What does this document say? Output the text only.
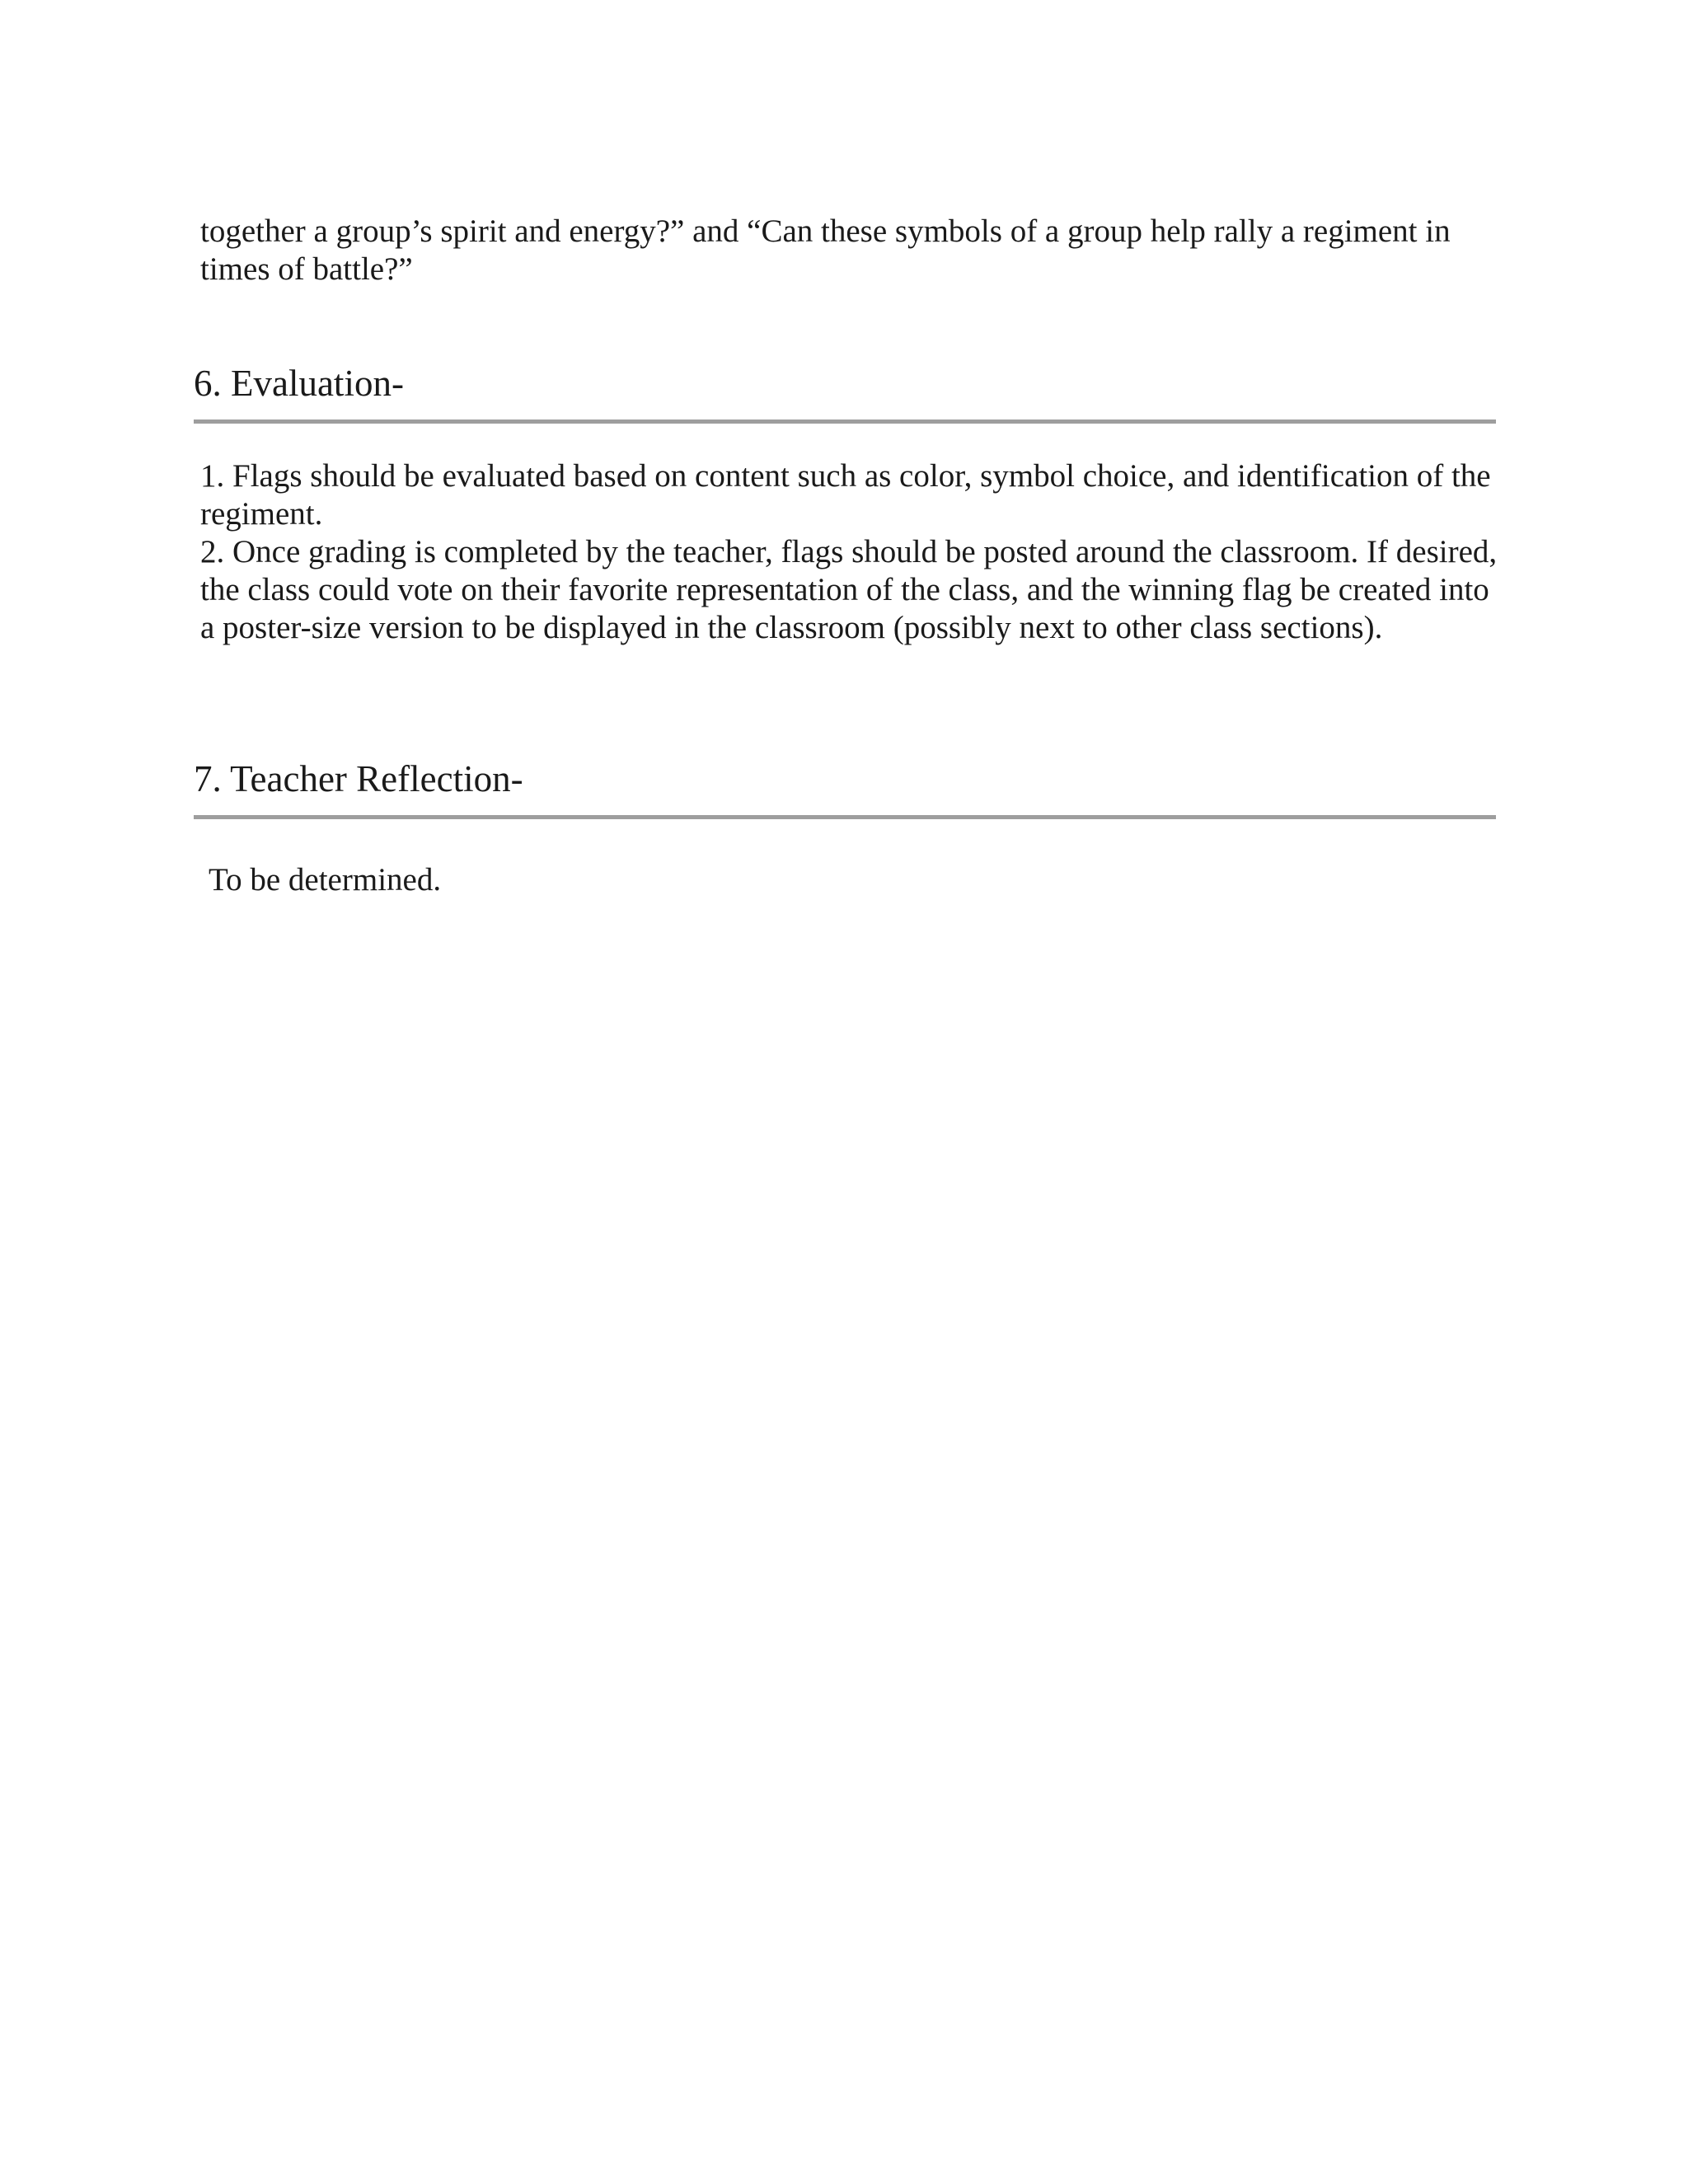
together a group’s spirit and energy?” and “Can these symbols of a group help rally a regiment in times of battle?”
6. Evaluation-

1. Flags should be evaluated based on content such as color, symbol choice, and identification of the regiment.

2. Once grading is completed by the teacher, flags should be posted around the classroom. If desired, the class could vote on their favorite representation of the class, and the winning flag be created into a poster-size version to be displayed in the classroom (possibly next to other class sections).

7. Teacher Reflection-
To be determined.
